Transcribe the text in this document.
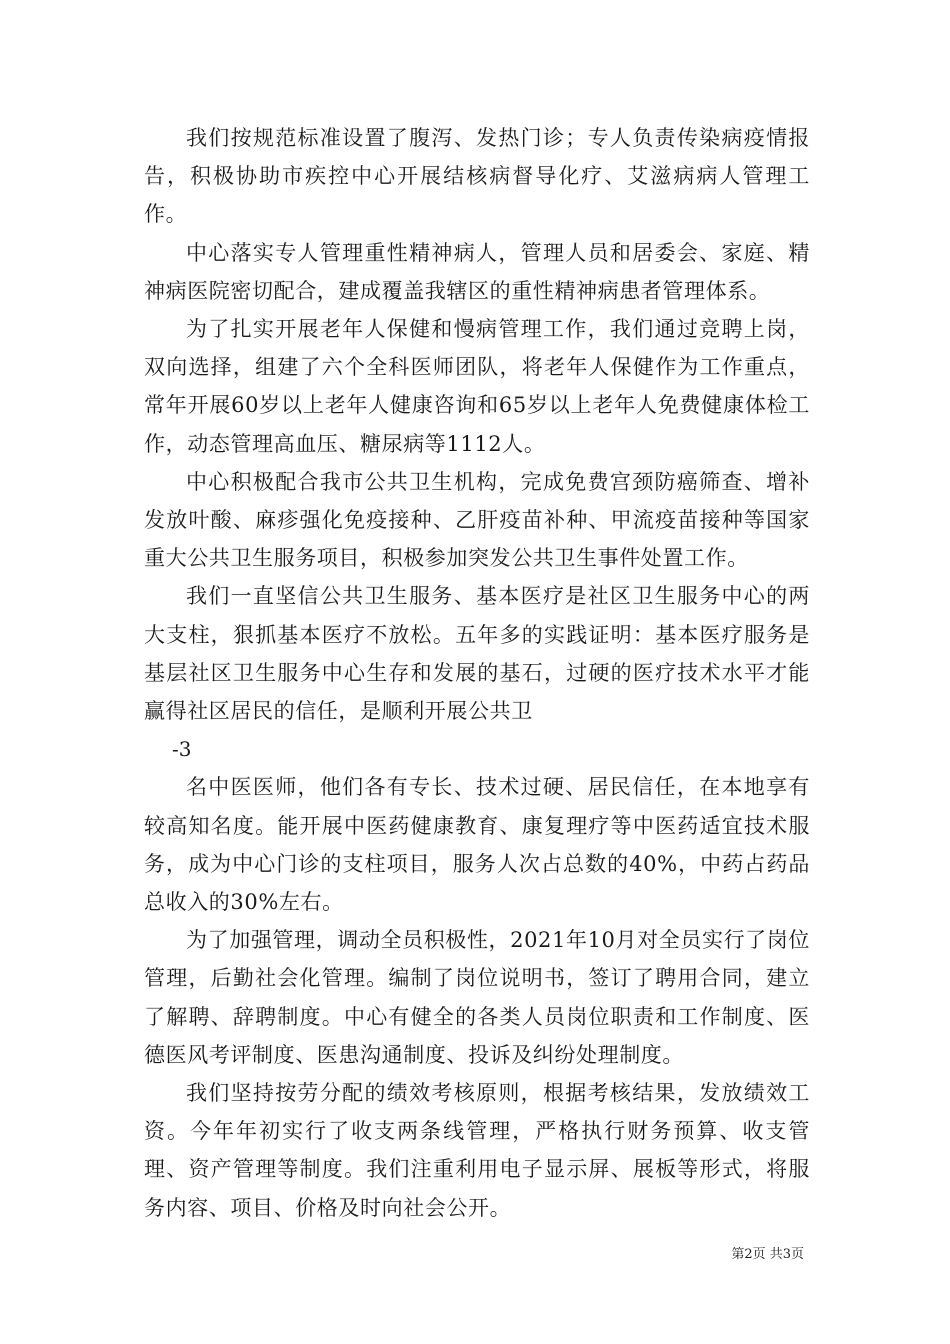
我们按规范标准设置了腹泻、发热门诊；专人负责传染病疫情报告，积极协助市疾控中心开展结核病督导化疗、艾滋病病人管理工作。

中心落实专人管理重性精神病人，管理人员和居委会、家庭、精神病医院密切配合，建成覆盖我辖区的重性精神病患者管理体系。

为了扎实开展老年人保健和慢病管理工作，我们通过竞聘上岗，双向选择，组建了六个全科医师团队，将老年人保健作为工作重点，常年开展60岁以上老年人健康咨询和65岁以上老年人免费健康体检工作，动态管理高血压、糖尿病等1112人。

中心积极配合我市公共卫生机构，完成免费宫颈防癌筛查、增补发放叶酸、麻疹强化免疫接种、乙肝疫苗补种、甲流疫苗接种等国家重大公共卫生服务项目，积极参加突发公共卫生事件处置工作。

我们一直坚信公共卫生服务、基本医疗是社区卫生服务中心的两大支柱，狠抓基本医疗不放松。五年多的实践证明：基本医疗服务是基层社区卫生服务中心生存和发展的基石，过硬的医疗技术水平才能赢得社区居民的信任，是顺利开展公共卫

-3

名中医医师，他们各有专长、技术过硬、居民信任，在本地享有较高知名度。能开展中医药健康教育、康复理疗等中医药适宜技术服务，成为中心门诊的支柱项目，服务人次占总数的40%，中药占药品总收入的30%左右。

为了加强管理，调动全员积极性，2021年10月对全员实行了岗位管理，后勤社会化管理。编制了岗位说明书，签订了聘用合同，建立了解聘、辞聘制度。中心有健全的各类人员岗位职责和工作制度、医德医风考评制度、医患沟通制度、投诉及纠纷处理制度。

我们坚持按劳分配的绩效考核原则，根据考核结果，发放绩效工资。今年年初实行了收支两条线管理，严格执行财务预算、收支管理、资产管理等制度。我们注重利用电子显示屏、展板等形式，将服务内容、项目、价格及时向社会公开。

第2页 共3页
